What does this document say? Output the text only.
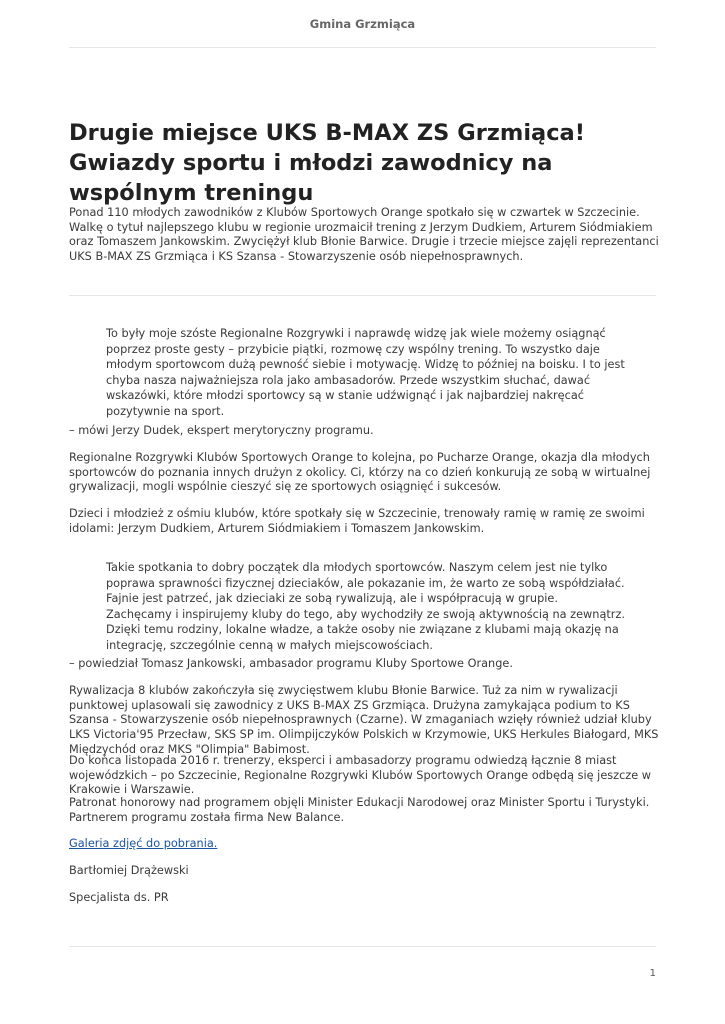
Gmina Grzmiąca
Drugie miejsce UKS B-MAX ZS Grzmiąca! Gwiazdy sportu i młodzi zawodnicy na wspólnym treningu

Ponad 110 młodych zawodników z Klubów Sportowych Orange spotkało się w czwartek w Szczecinie. Walkę o tytuł najlepszego klubu w regionie urozmaicił trening z Jerzym Dudkiem, Arturem Siódmiakiem oraz Tomaszem Jankowskim. Zwyciężył klub Błonie Barwice. Drugie i trzecie miejsce zajęli reprezentanci UKS B-MAX ZS Grzmiąca i KS Szansa - Stowarzyszenie osób niepełnosprawnych.

To były moje szóste Regionalne Rozgrywki i naprawdę widzę jak wiele możemy osiągnąć poprzez proste gesty – przybicie piątki, rozmowę czy wspólny trening. To wszystko daje młodym sportowcom dużą pewność siebie i motywację. Widzę to później na boisku. I to jest chyba nasza najważniejsza rola jako ambasadorów. Przede wszystkim słuchać, dawać wskazówki, które młodzi sportowcy są w stanie udźwignąć i jak najbardziej nakręcać pozytywnie na sport.

– mówi Jerzy Dudek, ekspert merytoryczny programu.

Regionalne Rozgrywki Klubów Sportowych Orange to kolejna, po Pucharze Orange, okazja dla młodych sportowców do poznania innych drużyn z okolicy. Ci, którzy na co dzień konkurują ze sobą w wirtualnej grywalizacji, mogli wspólnie cieszyć się ze sportowych osiągnięć i sukcesów.

Dzieci i młodzież z ośmiu klubów, które spotkały się w Szczecinie, trenowały ramię w ramię ze swoimi idolami: Jerzym Dudkiem, Arturem Siódmiakiem i Tomaszem Jankowskim.

Takie spotkania to dobry początek dla młodych sportowców. Naszym celem jest nie tylko poprawa sprawności fizycznej dzieciaków, ale pokazanie im, że warto ze sobą współdziałać. Fajnie jest patrzeć, jak dzieciaki ze sobą rywalizują, ale i współpracują w grupie. Zachęcamy i inspirujemy kluby do tego, aby wychodziły ze swoją aktywnością na zewnątrz. Dzięki temu rodziny, lokalne władze, a także osoby nie związane z klubami mają okazję na integrację, szczególnie cenną w małych miejscowościach.

– powiedział Tomasz Jankowski, ambasador programu Kluby Sportowe Orange.

Rywalizacja 8 klubów zakończyła się zwycięstwem klubu Błonie Barwice. Tuż za nim w rywalizacji punktowej uplasowali się zawodnicy z UKS B-MAX ZS Grzmiąca. Drużyna zamykająca podium to KS Szansa - Stowarzyszenie osób niepełnosprawnych (Czarne). W zmaganiach wzięły również udział kluby LKS Victoria'95 Przecław, SKS SP im. Olimpijczyków Polskich w Krzymowie, UKS Herkules Białogard, MKS Międzychód oraz MKS "Olimpia" Babimost.

Do końca listopada 2016 r. trenerzy, eksperci i ambasadorzy programu odwiedzą łącznie 8 miast wojewódzkich – po Szczecinie, Regionalne Rozgrywki Klubów Sportowych Orange odbędą się jeszcze w Krakowie i Warszawie.

Patronat honorowy nad programem objęli Minister Edukacji Narodowej oraz Minister Sportu i Turystyki. Partnerem programu została firma New Balance.

Galeria zdjęć do pobrania.

Bartłomiej Drążewski

Specjalista ds. PR

1
